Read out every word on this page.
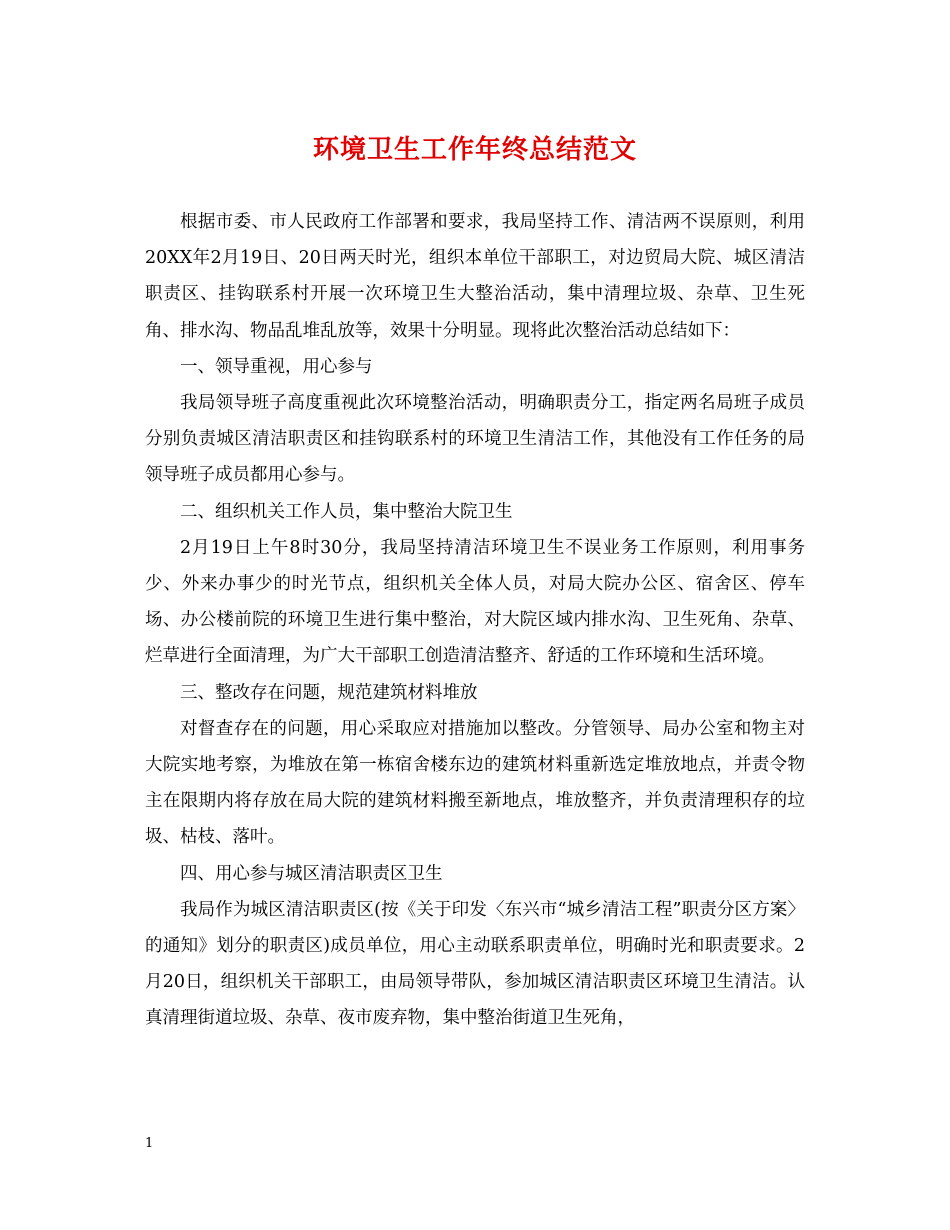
环境卫生工作年终总结范文

根据市委、市人民政府工作部署和要求，我局坚持工作、清洁两不误原则，利用20XX年2月19日、20日两天时光，组织本单位干部职工，对边贸局大院、城区清洁职责区、挂钩联系村开展一次环境卫生大整治活动，集中清理垃圾、杂草、卫生死角、排水沟、物品乱堆乱放等，效果十分明显。现将此次整治活动总结如下：

一、领导重视，用心参与

我局领导班子高度重视此次环境整治活动，明确职责分工，指定两名局班子成员分别负责城区清洁职责区和挂钩联系村的环境卫生清洁工作，其他没有工作任务的局领导班子成员都用心参与。

二、组织机关工作人员，集中整治大院卫生

2月19日上午8时30分，我局坚持清洁环境卫生不误业务工作原则，利用事务少、外来办事少的时光节点，组织机关全体人员，对局大院办公区、宿舍区、停车场、办公楼前院的环境卫生进行集中整治，对大院区域内排水沟、卫生死角、杂草、烂草进行全面清理，为广大干部职工创造清洁整齐、舒适的工作环境和生活环境。

三、整改存在问题，规范建筑材料堆放

对督查存在的问题，用心采取应对措施加以整改。分管领导、局办公室和物主对大院实地考察，为堆放在第一栋宿舍楼东边的建筑材料重新选定堆放地点，并责令物主在限期内将存放在局大院的建筑材料搬至新地点，堆放整齐，并负责清理积存的垃圾、枯枝、落叶。

四、用心参与城区清洁职责区卫生

我局作为城区清洁职责区(按《关于印发〈东兴市“城乡清洁工程”职责分区方案〉的通知》划分的职责区)成员单位，用心主动联系职责单位，明确时光和职责要求。2月20日，组织机关干部职工，由局领导带队，参加城区清洁职责区环境卫生清洁。认真清理街道垃圾、杂草、夜市废弃物，集中整治街道卫生死角，

1
